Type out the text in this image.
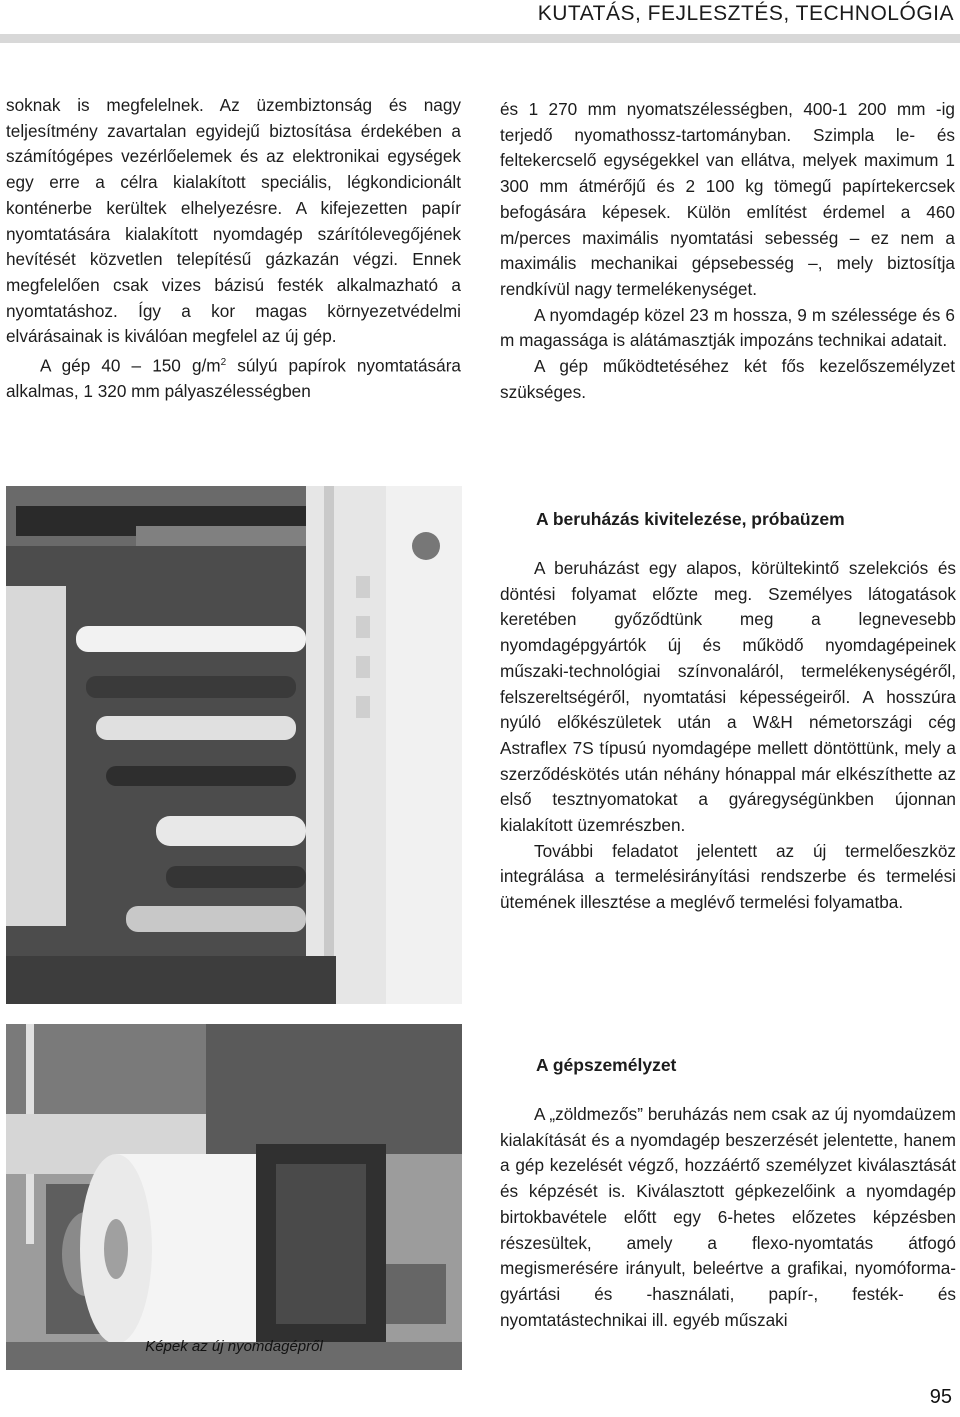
KUTATÁS, FEJLESZTÉS, TECHNOLÓGIA

soknak is megfelelnek. Az üzembiztonság és nagy teljesítmény zavartalan egyidejű biztosítása érdekében a számítógépes vezérlőelemek és az elektronikai egységek egy erre a célra kialakított speciális, légkondicionált konténerbe kerültek elhelyezésre. A kifejezetten papír nyomtatására kialakított nyomdagép szárítólevegőjének hevítését közvetlen telepítésű gázkazán végzi. Ennek megfelelően csak vizes bázisú festék alkalmazható a nyomtatáshoz. Így a kor magas környezetvédelmi elvárásainak is kiválóan megfelel az új gép.

A gép 40 – 150 $g/m^2$ súlyú papírok nyomtatására alkalmas, 1 320 mm pályaszélességben

és 1 270 mm nyomatszélességben, 400-1 200 mm -ig terjedő nyomathossz-tartományban. Szimpla le- és feltekercselő egységekkel van ellátva, melyek maximum 1 300 mm átmérőjű és 2 100 kg tömegű papírtekercsek befogására képesek. Külön említést érdemel a 460 m/perces maximális nyomtatási sebesség – ez nem a maximális mechanikai gépsebesség –, mely biztosítja rendkívül nagy termelékenységet.

A nyomdagép közel 23 m hossza, 9 m szélessége és 6 m magassága is alátámasztják impozáns technikai adatait.

A gép működtetéséhez két fős kezelőszemélyzet szükséges.

A beruházás kivitelezése, próbaüzem

A beruházást egy alapos, körültekintő szelekciós és döntési folyamat előzte meg. Személyes látogatások keretében győződtünk meg a legnevesebb nyomdagépgyártók új és működő nyomdagépeinek műszaki-technológiai színvonaláról, termelékenységéről, felszereltségéről, nyomtatási képességeiről. A hosszúra nyúló előkészületek után a W&H németországi cég Astraflex 7S típusú nyomdagépe mellett döntöttünk, mely a szerződéskötés után néhány hónappal már elkészíthette az első tesztnyomatokat a gyáregységünkben újonnan kialakított üzemrészben.

További feladatot jelentett az új termelőeszköz integrálása a termelésirányítási rendszerbe és termelési ütemének illesztése a meglévő termelési folyamatba.

Képek az új nyomdagépről
A gépszemélyzet

A „zöldmezős” beruházás nem csak az új nyomdaüzem kialakítását és a nyomdagép beszerzését jelentette, hanem a gép kezelését végző, hozzáértő személyzet kiválasztását és képzését is. Kiválasztott gépkezelőink a nyomdagép birtokbavétele előtt egy 6-hetes előzetes képzésben részesültek, amely a flexo-nyomtatás átfogó megismerésére irányult, beleértve a grafikai, nyomóforma-gyártási és -használati, papír-, festék- és nyomtatástechnikai ill. egyéb műszaki

95
